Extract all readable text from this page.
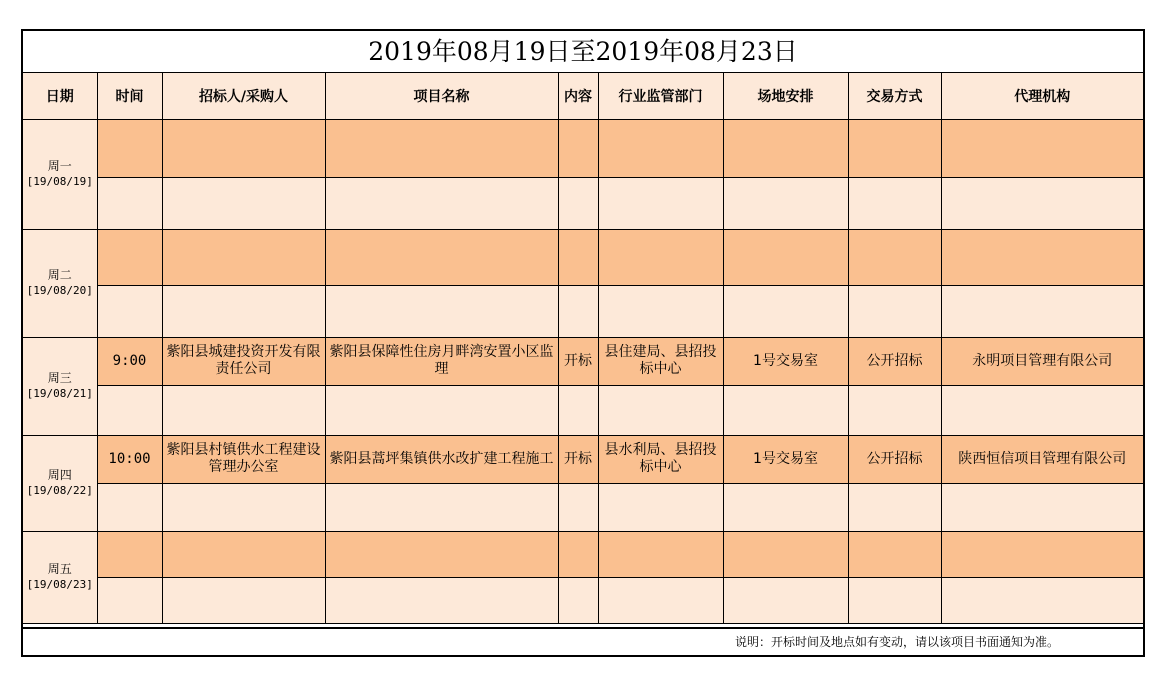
2019年08月19日至2019年08月23日
日期	时间	招标人/采购人	项目名称	内容	行业监管部门	场地安排	交易方式	代理机构

周一
[19/08/19]								

周二
[19/08/20]								

周三
[19/08/21]	9:00	紫阳县城建投资开发有限责任公司	紫阳县保障性住房月畔湾安置小区监理	开标	县住建局、县招投标中心	1号交易室	公开招标	永明项目管理有限公司

周四
[19/08/22]	10:00	紫阳县村镇供水工程建设管理办公室	紫阳县蒿坪集镇供水改扩建工程施工	开标	县水利局、县招投标中心	1号交易室	公开招标	陕西恒信项目管理有限公司

周五
[19/08/23]								

说明：开标时间及地点如有变动，请以该项目书面通知为准。
